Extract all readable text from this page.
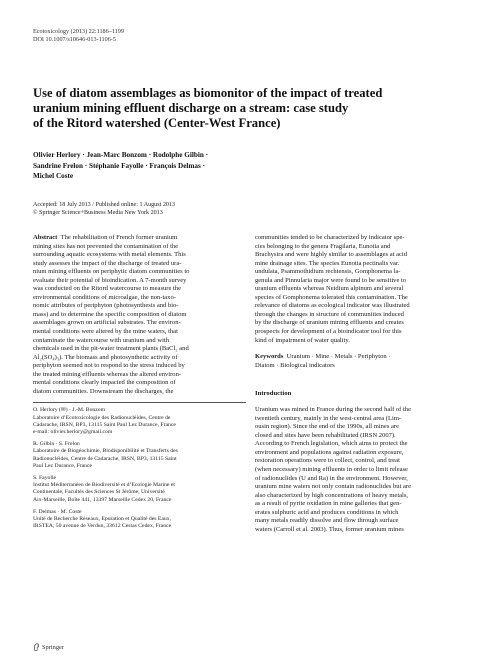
Ecotoxicology (2013) 22:1186–1199
DOI 10.1007/s10646-013-1106-5
Use of diatom assemblages as biomonitor of the impact of treated
uranium mining effluent discharge on a stream: case study
of the Ritord watershed (Center-West France)
Olivier Herlory · Jean-Marc Bonzom · Rodolphe Gilbin ·
Sandrine Frelon · Stéphanie Fayolle · François Delmas ·
Michel Coste
Accepted: 18 July 2013 / Published online: 1 August 2013
© Springer Science+Business Media New York 2013
Abstract The rehabilitation of French former uranium
mining sites has not prevented the contamination of the
surrounding aquatic ecosystems with metal elements. This
study assesses the impact of the discharge of treated ura-
nium mining effluents on periphytic diatom communities to
evaluate their potential of bioindication. A 7-month survey
was conducted on the Ritord watercourse to measure the
environmental conditions of microalgae, the non-taxo-
nomic attributes of periphyton (photosynthesis and bio-
mass) and to determine the specific composition of diatom
assemblages grown on artificial substrates. The environ-
mental conditions were altered by the mine waters, that
contaminate the watercourse with uranium and with
chemicals used in the pit-water treatment plants (BaCl₂ and
Al₂(SO₄)₃). The biomass and photosynthetic activity of
periphyton seemed not to respond to the stress induced by
the treated mining effluents whereas the altered environ-
mental conditions clearly impacted the composition of
diatom communities. Downstream the discharges, the
O. Herlory (✉) · J.-M. Bonzom
Laboratoire d’Ecotoxicologie des Radionucléides, Centre de
Cadarache, IRSN, BP3, 13115 Saint Paul Lez Durance, France
e-mail: olivier.herlory@gmail.com
R. Gilbin · S. Frelon
Laboratoire de Biogéochimie, Biodisponibilité et Transferts des
Radionucléides, Centre de Cadarache, IRSN, BP3, 13115 Saint
Paul Lez Durance, France
S. Fayolle
Institut Méditerranéen de Biodiversité et d’Ecologie Marine et
Continentale, Facultés des Sciences St Jérôme, Université
Aix-Marseille, Boîte 441, 13397 Marseille Cedex 20, France
F. Delmas · M. Coste
Unité de Recherche Réseaux, Epuration et Qualité des Eaux,
IRSTEA, 50 avenue de Verdun, 33612 Cestas Cedex, France
communities tended to be characterized by indicator spe-
cies belonging to the genera Fragilaria, Eunotia and
Brachysira and were highly similar to assemblages at acid
mine drainage sites. The species Eunotia pectinalis var.
undulata, Psammothidium rechtensis, Gomphonema la-
genula and Pinnularia major were found to be sensitive to
uranium effluents whereas Neidium alpinum and several
species of Gomphonema tolerated this contamination. The
relevance of diatoms as ecological indicator was illustrated
through the changes in structure of communities induced
by the discharge of uranium mining effluents and creates
prospects for development of a bioindicator tool for this
kind of impairment of water quality.
Keywords Uranium · Mine · Metals · Periphyton ·
Diatom · Biological indicators
Introduction
Uranium was mined in France during the second half of the
twentieth century, mainly in the west-central area (Lim-
ousin region). Since the end of the 1990s, all mines are
closed and sites have been rehabilitated (IRSN 2007).
According to French legislation, which aims to protect the
environment and populations against radiation exposure,
restoration operations were to collect, control, and treat
(when necessary) mining effluents in order to limit release
of radionuclides (U and Ra) in the environment. However,
uranium mine waters not only contain radionuclides but are
also characterized by high concentrations of heavy metals,
as a result of pyrite oxidation in mine galleries that gen-
erates sulphuric acid and produces conditions in which
many metals readily dissolve and flow through surface
waters (Carroll et al. 2003). Thus, former uranium mines
Springer
